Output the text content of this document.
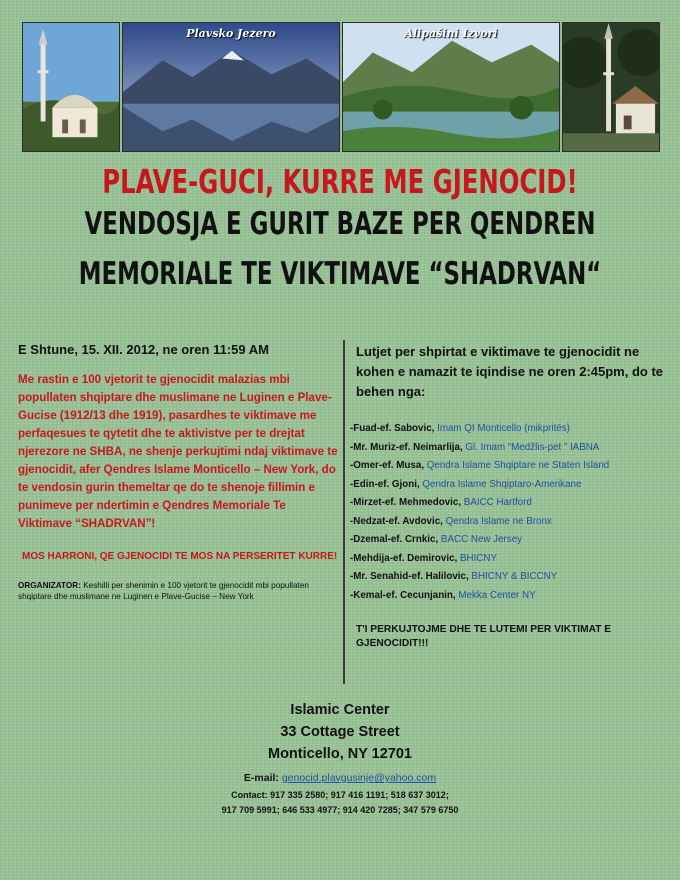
Plavsko Jezero	Alipašini Izvori
PLAVE-GUCI, KURRE ME GJENOCID!
VENDOSJA E GURIT BAZE PER QENDREN
MEMORIALE TE VIKTIMAVE “SHADRVAN“

E Shtune, 15. XII. 2012, ne oren 11:59 AM

Me rastin e 100 vjetorit te gjenocidit malazias mbi popullaten shqiptare dhe muslimane ne Luginen e Plave-Gucise (1912/13 dhe 1919), pasardhes te viktimave me perfaqesues te qytetit dhe te aktivistve per te drejtat njerezore ne SHBA, ne shenje perkujtimi ndaj viktimave te gjenocidit, afer Qendres Islame Monticello – New York, do te vendosin gurin themeltar qe do te shenoje fillimin e punimeve per ndertimin e Qendres Memoriale Te Viktimave “SHADRVAN”!

MOS HARRONI, QE GJENOCIDI TE MOS NA PERSERITET KURRE!

ORGANIZATOR: Keshilli per shenimin e 100 vjetorit te gjenocidit mbi popullaten shqiptare dhe muslimane ne Luginen e Plave-Gucise – New York

Lutjet per shpirtat e viktimave te gjenocidit ne kohen e namazit te iqindise ne oren 2:45pm, do te behen nga:

-Fuad-ef. Sabovic, Imam QI Monticello (mikpritës)
-Mr. Muriz-ef. Neimarlija, Gl. Imam “Medžlis-pet ” IABNA
-Omer-ef. Musa, Qendra Islame Shqiptare ne Staten Island
-Edin-ef. Gjoni, Qendra Islame Shqiptaro-Amerikane
-Mirzet-ef. Mehmedovic, BAICC Hartford
-Nedzat-ef. Avdovic, Qendra Islame ne Bronx
-Dzemal-ef. Crnkic, BACC New Jersey
-Mehdija-ef. Demirovic, BHICNY
-Mr. Senahid-ef. Halilovic, BHICNY & BICCNY
-Kemal-ef. Cecunjanin, Mekka Center NY

T'I PERKUJTOJME DHE TE LUTEMI PER VIKTIMAT E GJENOCIDIT!!!

Islamic Center
33 Cottage Street
Monticello, NY 12701
E-mail: genocid.plavgusinje@yahoo.com
Contact: 917 335 2580; 917 416 1191; 518 637 3012;
917 709 5991; 646 533 4977; 914 420 7285; 347 579 6750
